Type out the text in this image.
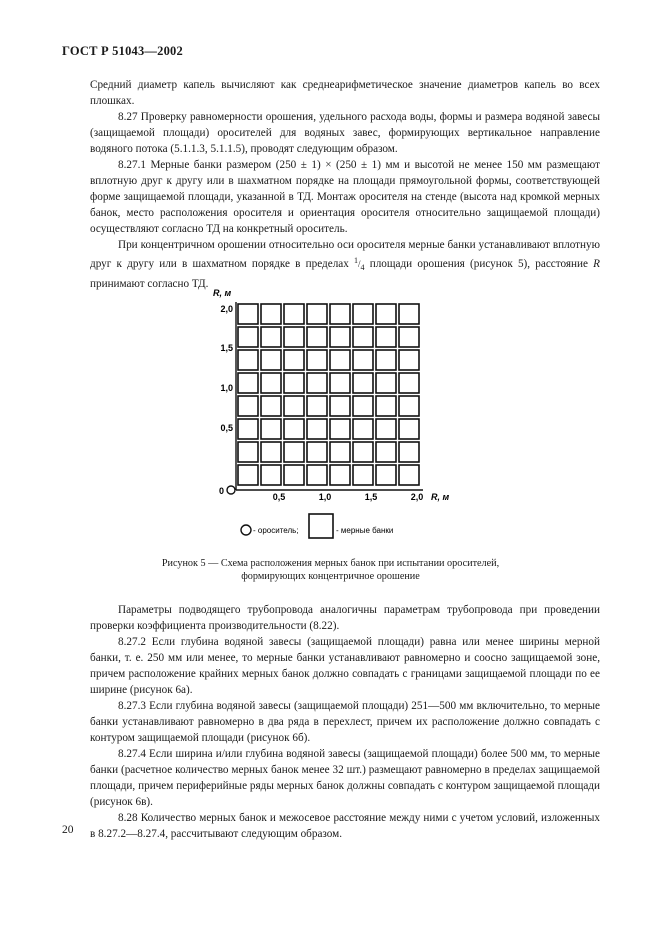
ГОСТ Р 51043—2002

Средний диаметр капель вычисляют как среднеарифметическое значение диаметров капель во всех плошках.

8.27 Проверку равномерности орошения, удельного расхода воды, формы и размера водяной завесы (защищаемой площади) оросителей для водяных завес, формирующих вертикальное направление водяного потока (5.1.1.3, 5.1.1.5), проводят следующим образом.

8.27.1 Мерные банки размером (250 ± 1) × (250 ± 1) мм и высотой не менее 150 мм размещают вплотную друг к другу или в шахматном порядке на площади прямоугольной формы, соответствующей форме защищаемой площади, указанной в ТД. Монтаж оросителя на стенде (высота над кромкой мерных банок, место расположения оросителя и ориентация оросителя относительно защищаемой площади) осуществляют согласно ТД на конкретный ороситель.

При концентричном орошении относительно оси оросителя мерные банки устанавливают вплотную друг к другу или в шахматном порядке в пределах $^1/_4$ площади орошения (рисунок 5), расстояние R принимают согласно ТД.

R, м
R, м
2,0
1,5
1,0
0,5
0,5	1,0	1,5	2,0
0
- ороситель;	- мерные банки
Рисунок 5 — Схема расположения мерных банок при испытании оросителей,
формирующих концентричное орошение

Параметры подводящего трубопровода аналогичны параметрам трубопровода при проведении проверки коэффициента производительности (8.22).

8.27.2 Если глубина водяной завесы (защищаемой площади) равна или менее ширины мерной банки, т. е. 250 мм или менее, то мерные банки устанавливают равномерно и соосно защищаемой зоне, причем расположение крайних мерных банок должно совпадать с границами защищаемой площади по ее ширине (рисунок 6а).

8.27.3 Если глубина водяной завесы (защищаемой площади) 251—500 мм включительно, то мерные банки устанавливают равномерно в два ряда в перехлест, причем их расположение должно совпадать с контуром защищаемой площади (рисунок 6б).

8.27.4 Если ширина и/или глубина водяной завесы (защищаемой площади) более 500 мм, то мерные банки (расчетное количество мерных банок менее 32 шт.) размещают равномерно в пределах защищаемой площади, причем периферийные ряды мерных банок должны совпадать с контуром защищаемой площади (рисунок 6в).

8.28 Количество мерных банок и межосевое расстояние между ними с учетом условий, изложенных в 8.27.2—8.27.4, рассчитывают следующим образом.

20
